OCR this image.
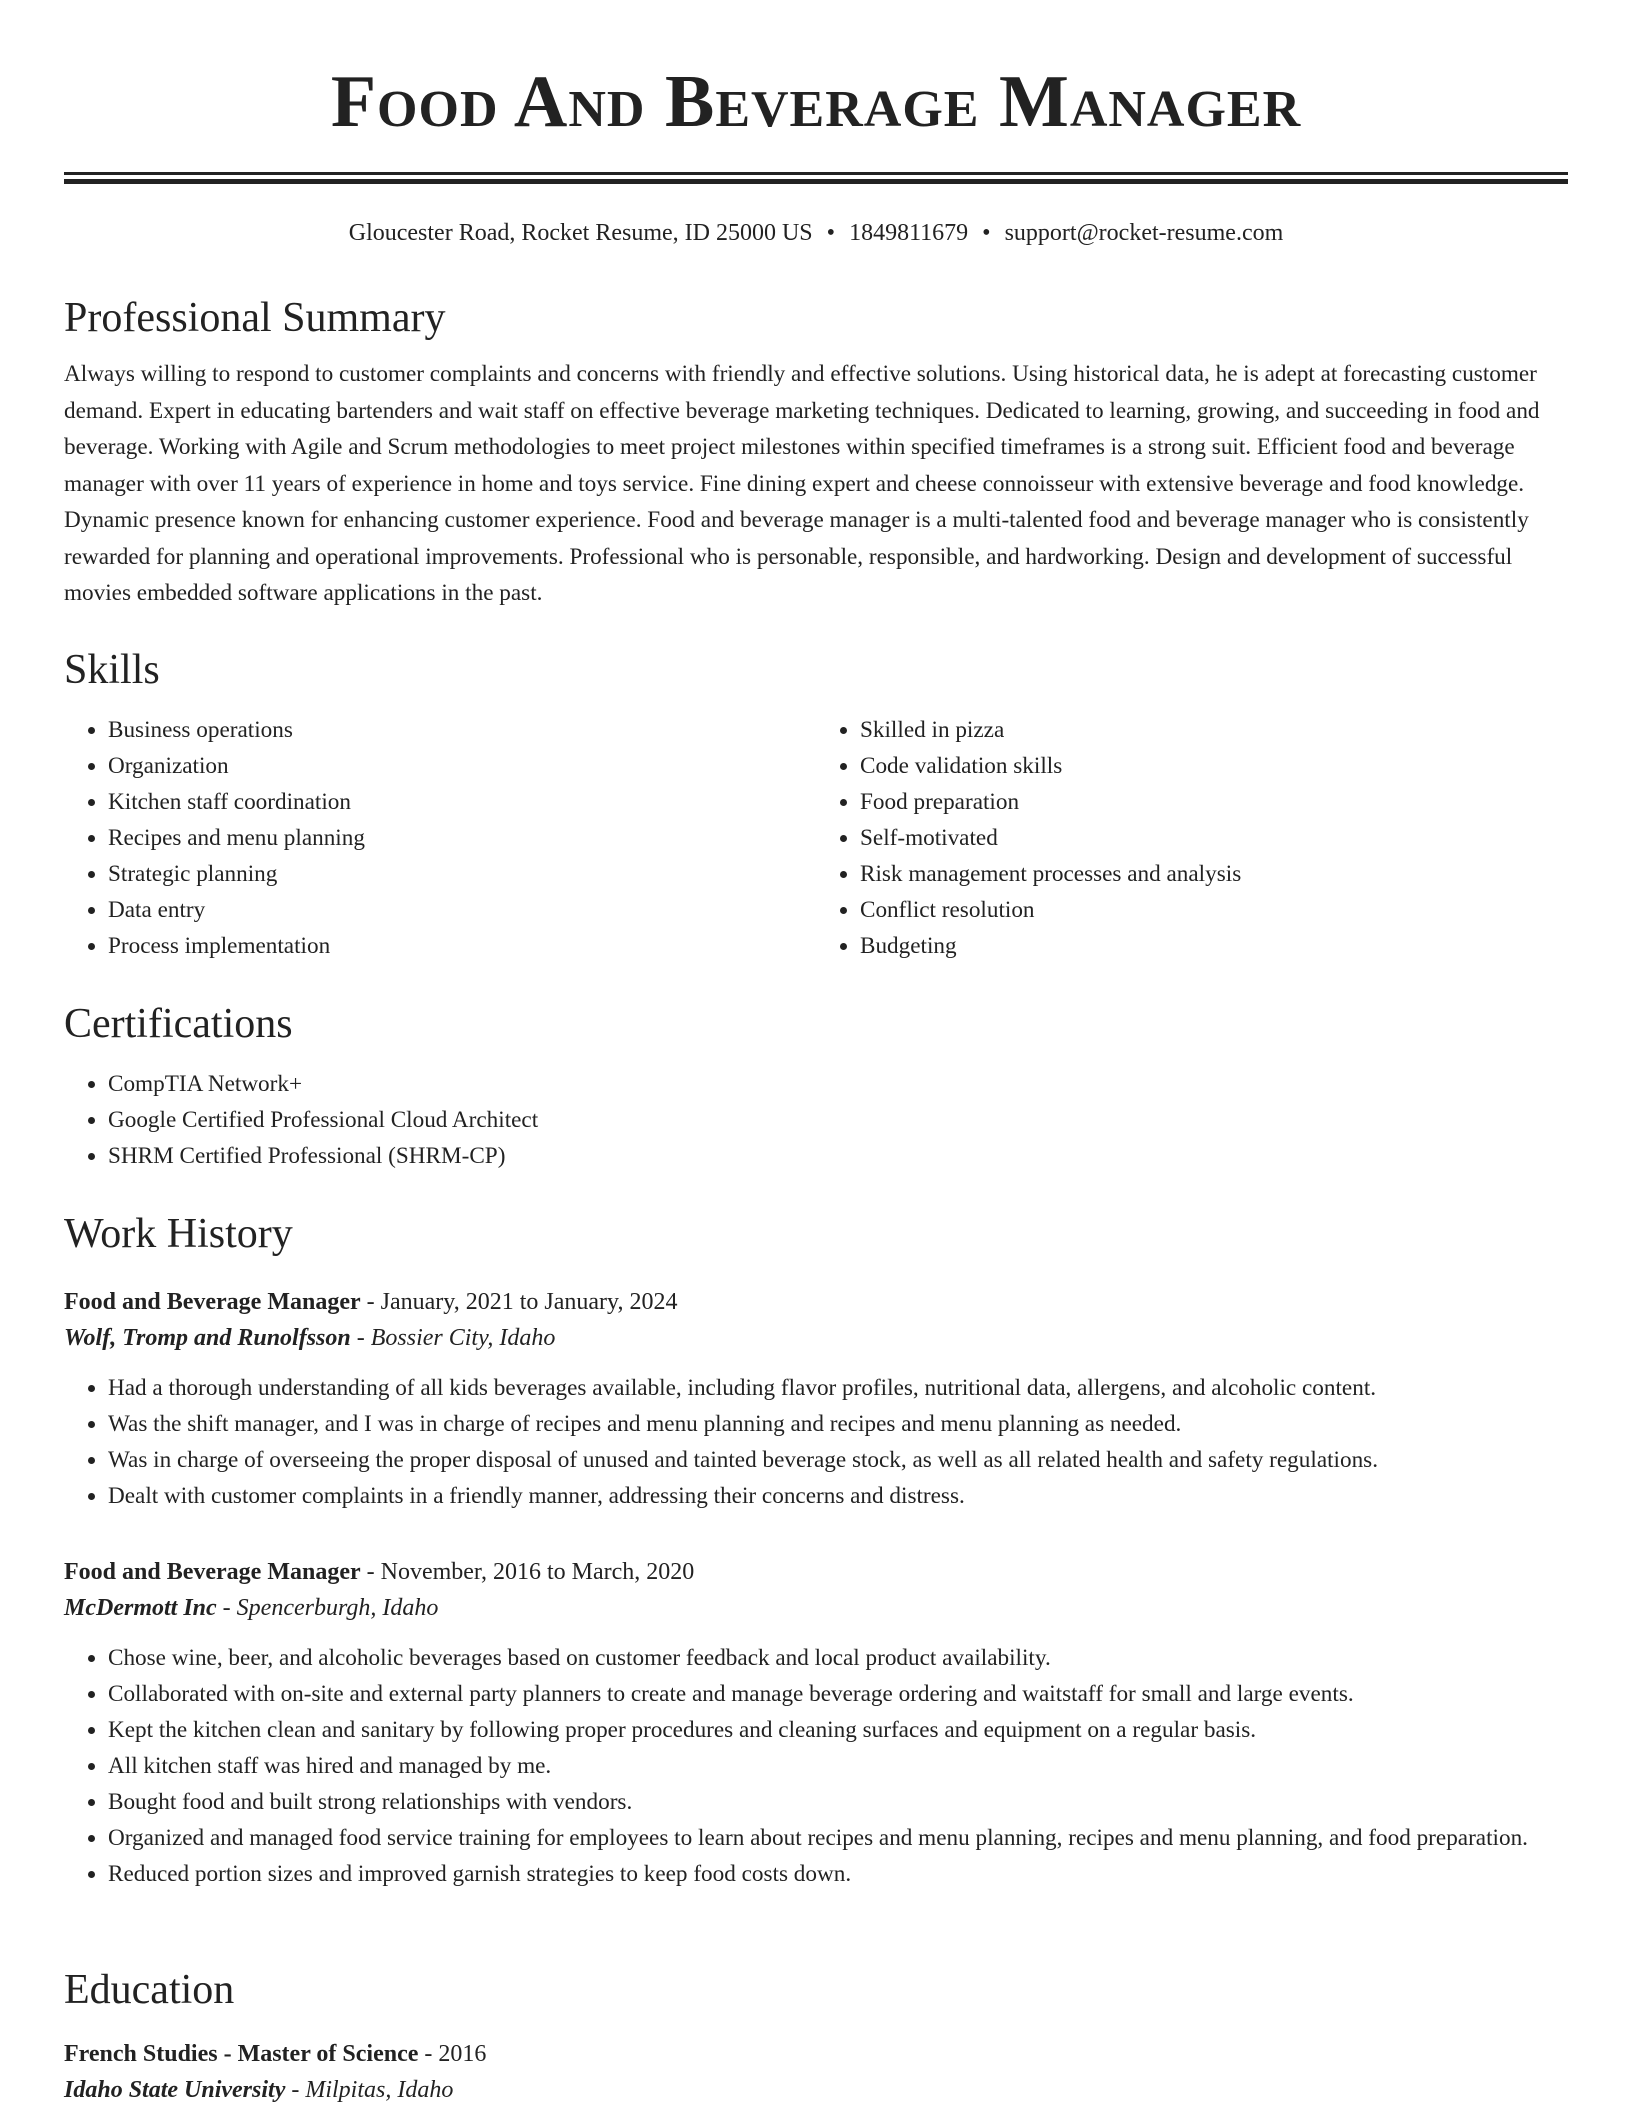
Food And Beverage Manager
Gloucester Road, Rocket Resume, ID 25000 US • 1849811679 • support@rocket-resume.com
Professional Summary

Always willing to respond to customer complaints and concerns with friendly and effective solutions. Using historical data, he is adept at forecasting customer demand. Expert in educating bartenders and wait staff on effective beverage marketing techniques. Dedicated to learning, growing, and succeeding in food and beverage. Working with Agile and Scrum methodologies to meet project milestones within specified timeframes is a strong suit. Efficient food and beverage manager with over 11 years of experience in home and toys service. Fine dining expert and cheese connoisseur with extensive beverage and food knowledge. Dynamic presence known for enhancing customer experience. Food and beverage manager is a multi-talented food and beverage manager who is consistently rewarded for planning and operational improvements. Professional who is personable, responsible, and hardworking. Design and development of successful movies embedded software applications in the past.

Skills
• Business operations
• Organization
• Kitchen staff coordination
• Recipes and menu planning
• Strategic planning
• Data entry
• Process implementation
• Skilled in pizza
• Code validation skills
• Food preparation
• Self-motivated
• Risk management processes and analysis
• Conflict resolution
• Budgeting
Certifications
• CompTIA Network+
• Google Certified Professional Cloud Architect
• SHRM Certified Professional (SHRM-CP)
Work History
Food and Beverage Manager - January, 2021 to January, 2024
Wolf, Tromp and Runolfsson - Bossier City, Idaho
• Had a thorough understanding of all kids beverages available, including flavor profiles, nutritional data, allergens, and alcoholic content.
• Was the shift manager, and I was in charge of recipes and menu planning and recipes and menu planning as needed.
• Was in charge of overseeing the proper disposal of unused and tainted beverage stock, as well as all related health and safety regulations.
• Dealt with customer complaints in a friendly manner, addressing their concerns and distress.
Food and Beverage Manager - November, 2016 to March, 2020
McDermott Inc - Spencerburgh, Idaho
• Chose wine, beer, and alcoholic beverages based on customer feedback and local product availability.
• Collaborated with on-site and external party planners to create and manage beverage ordering and waitstaff for small and large events.
• Kept the kitchen clean and sanitary by following proper procedures and cleaning surfaces and equipment on a regular basis.
• All kitchen staff was hired and managed by me.
• Bought food and built strong relationships with vendors.
• Organized and managed food service training for employees to learn about recipes and menu planning, recipes and menu planning, and food preparation.
• Reduced portion sizes and improved garnish strategies to keep food costs down.
Education
French Studies - Master of Science - 2016
Idaho State University - Milpitas, Idaho
